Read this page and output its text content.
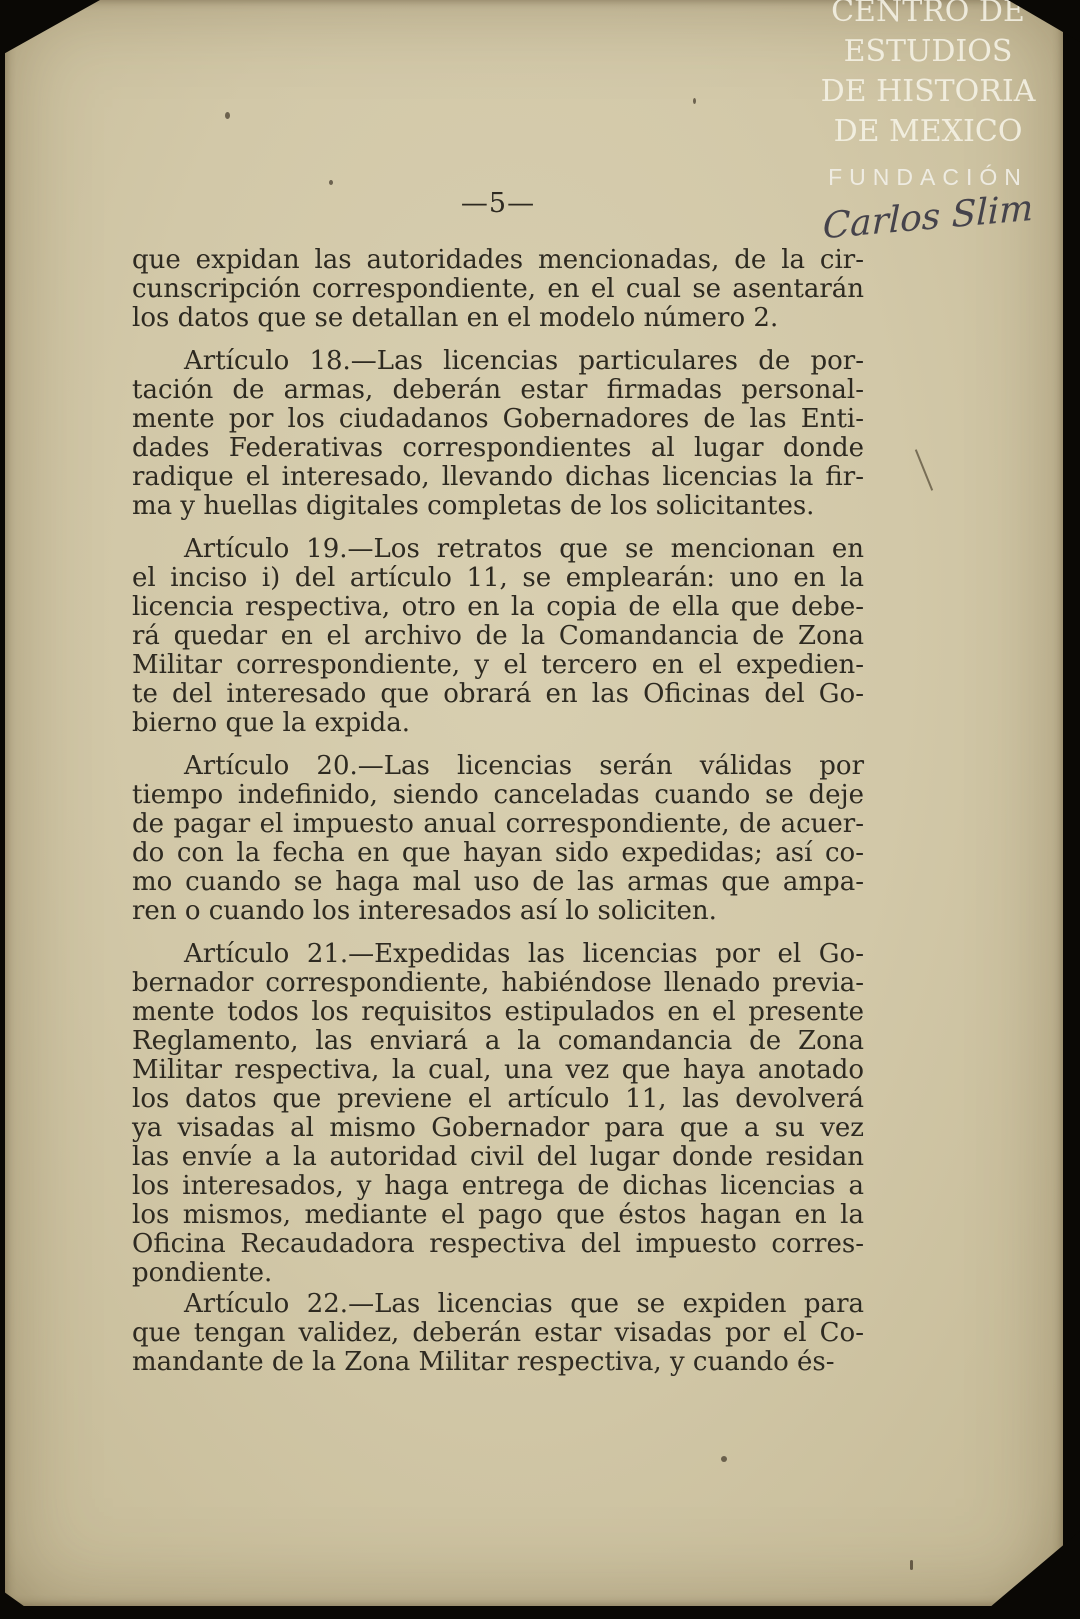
CENTRO DE
ESTUDIOS
DE HISTORIA
DE MEXICO
FUNDACIÓN
Carlos Slim
—5—
que expidan las autoridades mencionadas, de la cir-
cunscripción correspondiente, en el cual se asentarán
los datos que se detallan en el modelo número 2.
Artículo 18.—Las licencias particulares de por-
tación de armas, deberán estar firmadas personal-
mente por los ciudadanos Gobernadores de las Enti-
dades Federativas correspondientes al lugar donde
radique el interesado, llevando dichas licencias la fir-
ma y huellas digitales completas de los solicitantes.
Artículo 19.—Los retratos que se mencionan en
el inciso i) del artículo 11, se emplearán: uno en la
licencia respectiva, otro en la copia de ella que debe-
rá quedar en el archivo de la Comandancia de Zona
Militar correspondiente, y el tercero en el expedien-
te del interesado que obrará en las Oficinas del Go-
bierno que la expida.
Artículo 20.—Las licencias serán válidas por
tiempo indefinido, siendo canceladas cuando se deje
de pagar el impuesto anual correspondiente, de acuer-
do con la fecha en que hayan sido expedidas; así co-
mo cuando se haga mal uso de las armas que ampa-
ren o cuando los interesados así lo soliciten.
Artículo 21.—Expedidas las licencias por el Go-
bernador correspondiente, habiéndose llenado previa-
mente todos los requisitos estipulados en el presente
Reglamento, las enviará a la comandancia de Zona
Militar respectiva, la cual, una vez que haya anotado
los datos que previene el artículo 11, las devolverá
ya visadas al mismo Gobernador para que a su vez
las envíe a la autoridad civil del lugar donde residan
los interesados, y haga entrega de dichas licencias a
los mismos, mediante el pago que éstos hagan en la
Oficina Recaudadora respectiva del impuesto corres-
pondiente.
Artículo 22.—Las licencias que se expiden para
que tengan validez, deberán estar visadas por el Co-
mandante de la Zona Militar respectiva, y cuando és-
